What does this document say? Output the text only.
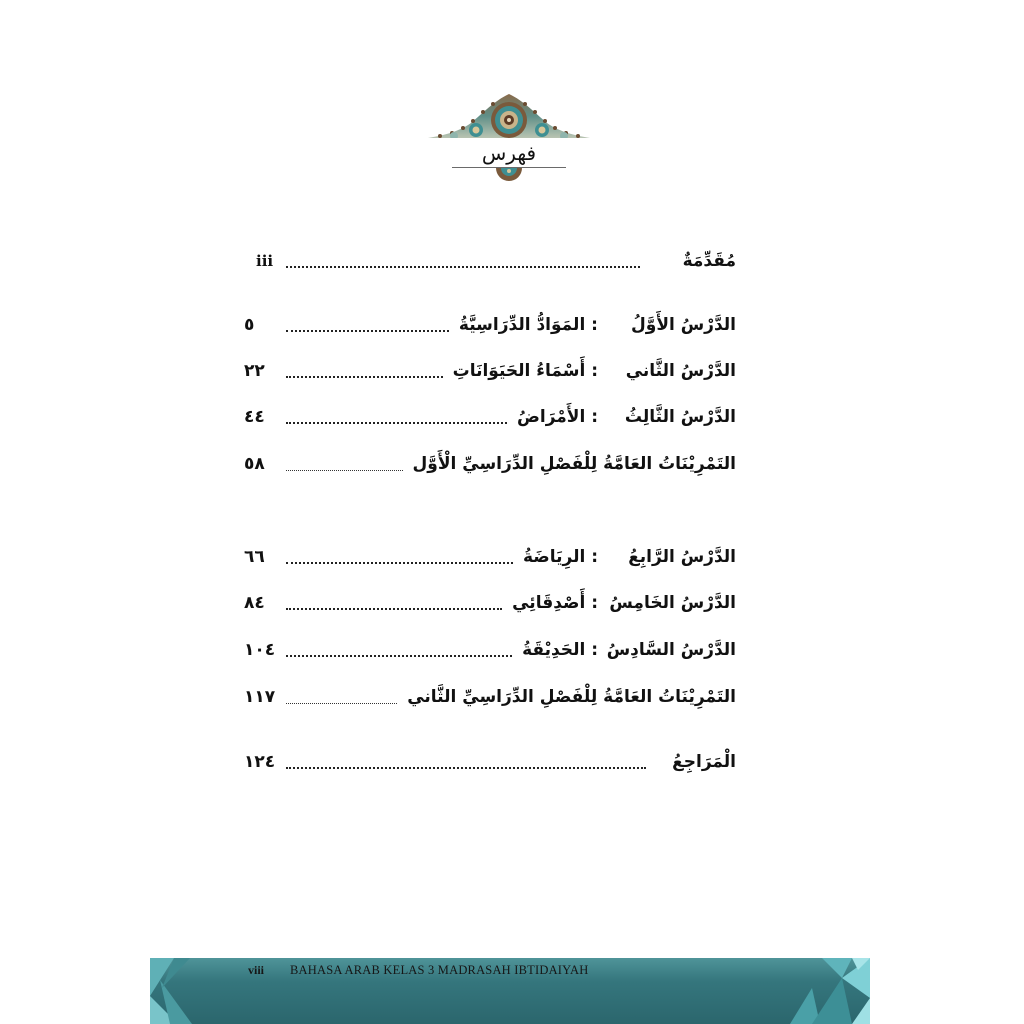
فهرس
مُقَدِّمَةٌ
iii
الدَّرْسُ الأَوَّلُ
: المَوَادُّ الدِّرَاسِيَّةُ
٥
الدَّرْسُ الثَّاني
: أَسْمَاءُ الحَيَوَانَاتِ
٢٢
الدَّرْسُ الثَّالِثُ
: الأَمْرَاضُ
٤٤
التَمْرِيْنَاتُ العَامَّةُ لِلْفَصْلِ الدِّرَاسِيِّ الْأَوَّل
٥٨
الدَّرْسُ الرَّابِعُ
: الرِيَاضَةُ
٦٦
الدَّرْسُ الخَامِسُ
: أَصْدِقَائِي
٨٤
الدَّرْسُ السَّادِسُ
: الحَدِيْقَةُ
١٠٤
التَمْرِيْنَاتُ العَامَّةُ لِلْفَصْلِ الدِّرَاسِيِّ الثَّاني
١١٧
الْمَرَاجِعُ
١٢٤
viii BAHASA ARAB KELAS 3 MADRASAH IBTIDAIYAH
